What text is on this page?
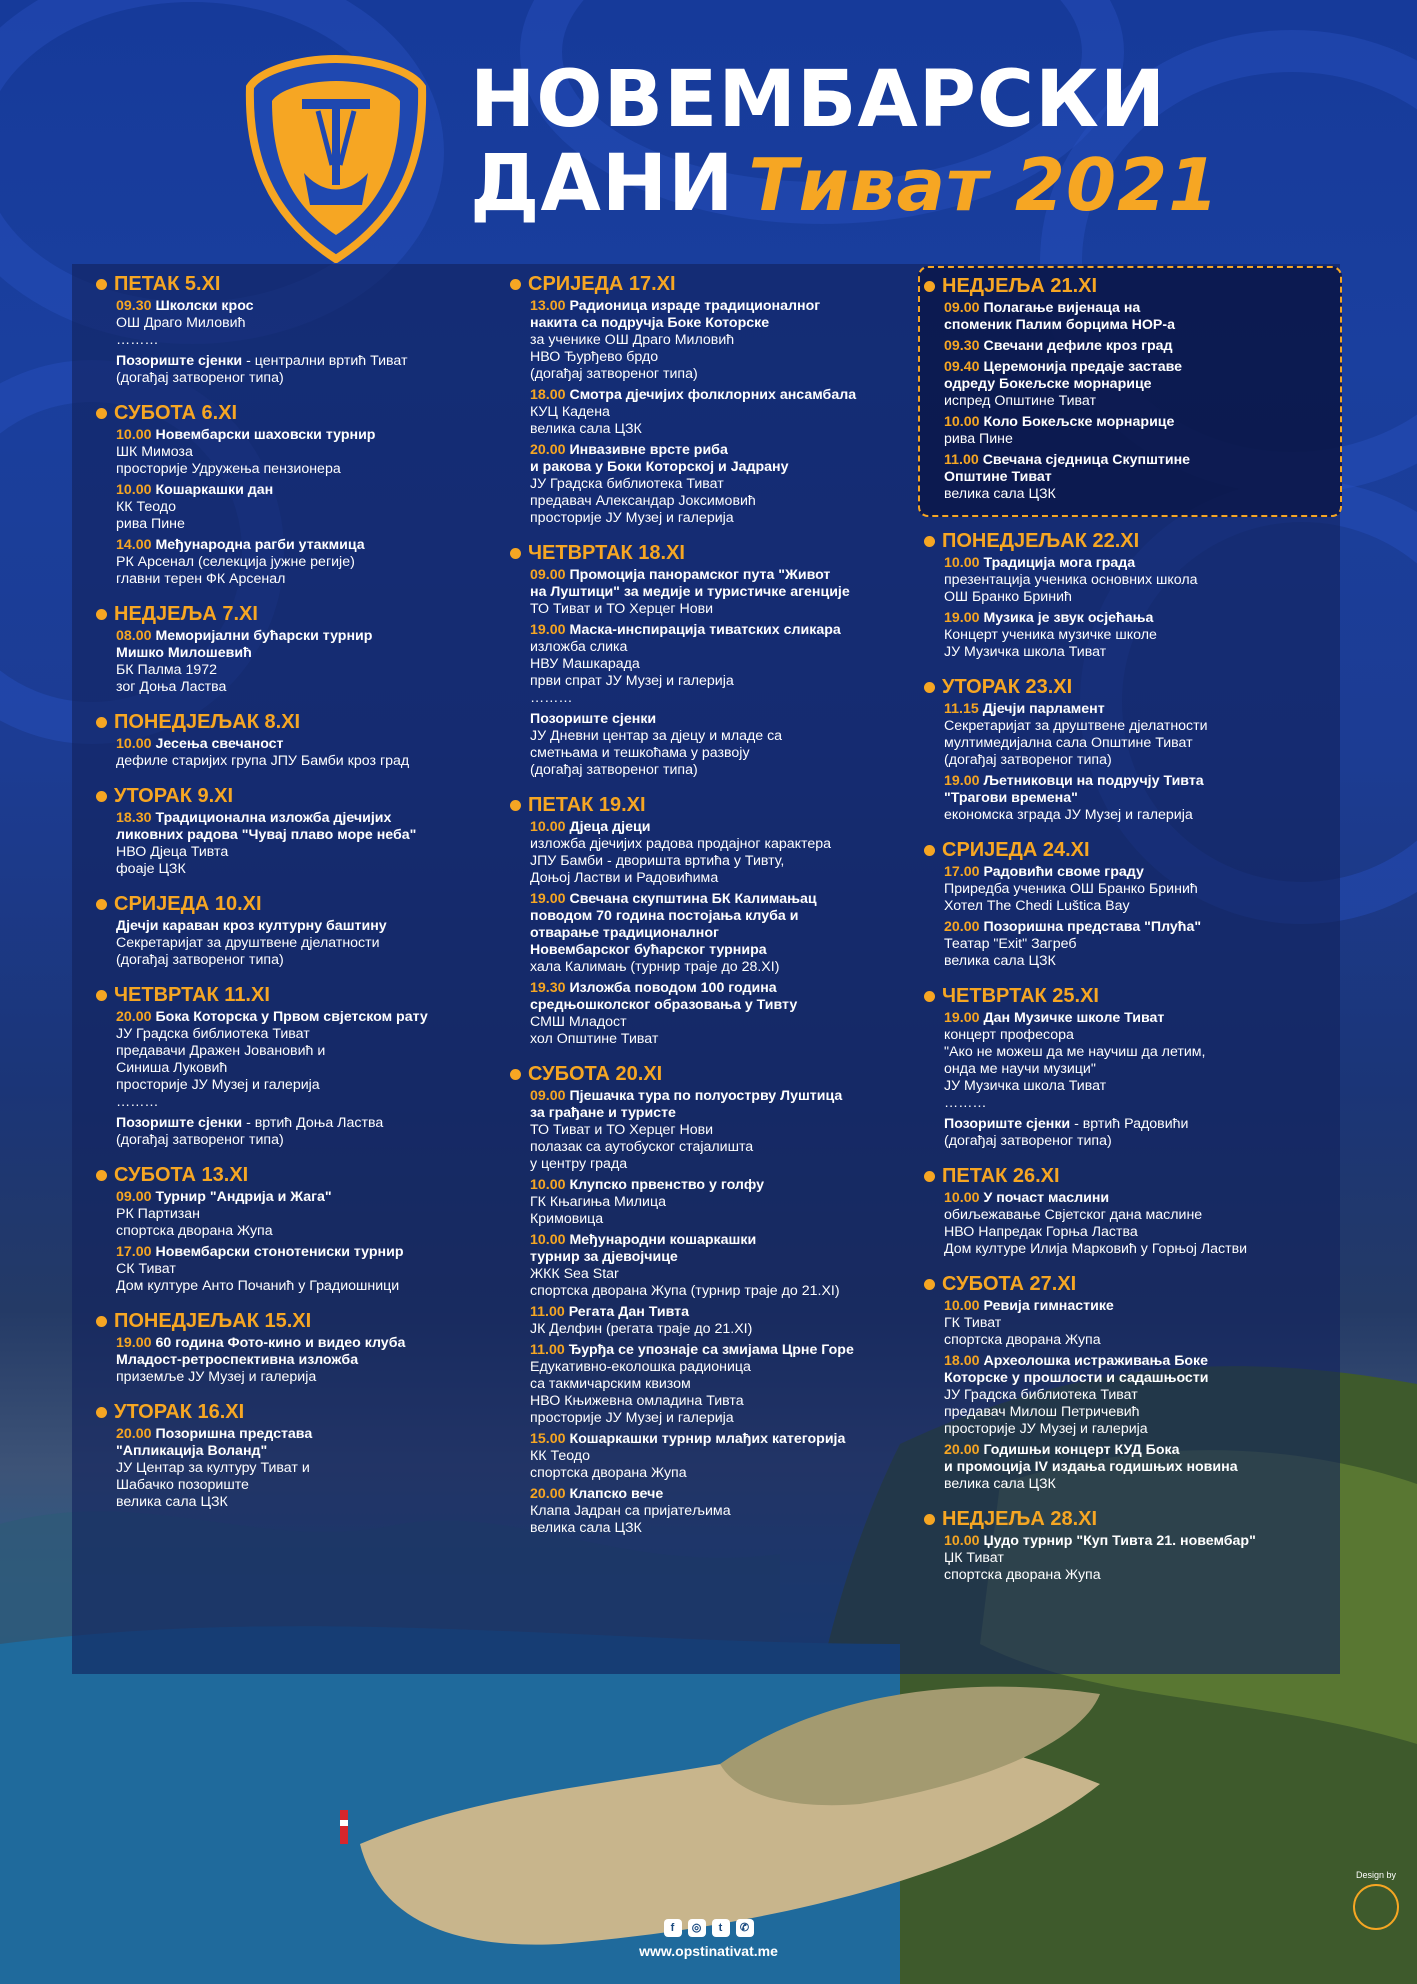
НОВЕМБАРСКИ
ДАНИ Тиват 2021
ПЕТАК 5.XI
09.30 Школски крос
ОШ Драго Миловић
………
Позориште сјенки - централни вртић Тиват
(догађај затвореног типа)
СУБОТА 6.XI
10.00 Новембарски шаховски турнир
ШК Мимоза
просторије Удружења пензионера
10.00 Кошаркашки дан
КК Теодо
рива Пине
14.00 Међународна рагби утакмица
РК Арсенал (селекција јужне регије)
главни терен ФК Арсенал
НЕДЈЕЉА 7.XI
08.00 Меморијални бућарски турнир
Мишко Милошевић
БК Палма 1972
зог Доња Ластва
ПОНЕДЈЕЉАК 8.XI
10.00 Јесења свечаност
дефиле старијих група ЈПУ Бамби кроз град
УТОРАК 9.XI
18.30 Традиционална изложба дјечијих
ликовних радова "Чувај плаво море неба"
НВО Дјеца Тивта
фоаје ЦЗК
СРИЈЕДА 10.XI
Дјечји караван кроз културну баштину
Секретаријат за друштвене дјелатности
(догађај затвореног типа)
ЧЕТВРТАК 11.XI
20.00 Бока Которска у Првом свјетском рату
ЈУ Градска библиотека Тиват
предавачи Дражен Јовановић и
Синиша Луковић
просторије ЈУ Музеј и галерија
………
Позориште сјенки - вртић Доња Ластва
(догађај затвореног типа)
СУБОТА 13.XI
09.00 Турнир "Андрија и Жага"
РК Партизан
спортска дворана Жупа
17.00 Новембарски стонотениски турнир
СК Тиват
Дом културе Анто Почанић у Градиошници
ПОНЕДЈЕЉАК 15.XI
19.00 60 година Фото-кино и видео клуба
Младост-ретроспективна изложба
приземље ЈУ Музеј и галерија
УТОРАК 16.XI
20.00 Позоришна представа
"Апликација Воланд"
ЈУ Центар за културу Тиват и
Шабачко позориште
велика сала ЦЗК
СРИЈЕДА 17.XI
13.00 Радионица израде традиционалног
накита са подручја Боке Которске
за ученике ОШ Драго Миловић
НВО Ђурђево брдо
(догађај затвореног типа)
18.00 Смотра дјечијих фолклорних ансамбала
КУЦ Кадена
велика сала ЦЗК
20.00 Инвазивне врсте риба
и ракова у Боки Которској и Јадрану
ЈУ Градска библиотека Тиват
предавач Александар Јоксимовић
просторије ЈУ Музеј и галерија
ЧЕТВРТАК 18.XI
09.00 Промоција панорамског пута "Живот
на Луштици" за медије и туристичке агенције
ТО Тиват и ТО Херцег Нови
19.00 Маска-инспирација тиватских сликара
изложба слика
НВУ Машкарада
први спрат ЈУ Музеј и галерија
………
Позориште сјенки
ЈУ Дневни центар за дјецу и младе са
сметњама и тешкоћама у развоју
(догађај затвореног типа)
ПЕТАК 19.XI
10.00 Дјеца дјеци
изложба дјечијих радова продајног карактера
ЈПУ Бамби - дворишта вртића у Тивту,
Доњој Ластви и Радовићима
19.00 Свечана скупштина БК Калимањац
поводом 70 година постојања клуба и
отварање традиционалног
Новембарског бућарског турнира
хала Калимањ (турнир траје до 28.XI)
19.30 Изложба поводом 100 година
средњошколског образовања у Тивту
СМШ Младост
хол Општине Тиват
СУБОТА 20.XI
09.00 Пјешачка тура по полуострву Луштица
за грађане и туристе
ТО Тиват и ТО Херцег Нови
полазак са аутобуског стајалишта
у центру града
10.00 Клупско првенство у голфу
ГК Књагиња Милица
Кримовица
10.00 Међународни кошаркашки
турнир за дјевојчице
ЖКК Sea Star
спортска дворана Жупа (турнир траје до 21.XI)
11.00 Регата Дан Тивта
ЈК Делфин (регата траје до 21.XI)
11.00 Ђурђа се упознаје са змијама Црне Горе
Едукативно-еколошка радионица
са такмичарским квизом
НВО Књижевна омладина Тивта
просторије ЈУ Музеј и галерија
15.00 Кошаркашки турнир млађих категорија
КК Теодо
спортска дворана Жупа
20.00 Клапско вече
Клапа Јадран са пријатељима
велика сала ЦЗК
НЕДЈЕЉА 21.XI
09.00 Полагање вијенаца на
споменик Палим борцима НОР-а
09.30 Свечани дефиле кроз град
09.40 Церемонија предаје заставе
одреду Бокељске морнарице
испред Општине Тиват
10.00 Коло Бокељске морнарице
рива Пине
11.00 Свечана сједница Скупштине
Општине Тиват
велика сала ЦЗК
ПОНЕДЈЕЉАК 22.XI
10.00 Традиција мога града
презентација ученика основних школа
ОШ Бранко Бринић
19.00 Музика је звук осјећања
Концерт ученика музичке школе
ЈУ Музичка школа Тиват
УТОРАК 23.XI
11.15 Дјечји парламент
Секретаријат за друштвене дјелатности
мултимедијална сала Општине Тиват
(догађај затвореног типа)
19.00 Љетниковци на подручју Тивта
"Трагови времена"
економска зграда ЈУ Музеј и галерија
СРИЈЕДА 24.XI
17.00 Радовићи своме граду
Приредба ученика ОШ Бранко Бринић
Хотел The Chedi Luštica Bay
20.00 Позоришна представа "Плућа"
Театар "Exit" Загреб
велика сала ЦЗК
ЧЕТВРТАК 25.XI
19.00 Дан Музичке школе Тиват
концерт професора
"Ако не можеш да ме научиш да летим,
онда ме научи музици"
ЈУ Музичка школа Тиват
………
Позориште сјенки - вртић Радовићи
(догађај затвореног типа)
ПЕТАК 26.XI
10.00 У почаст маслини
обиљежавање Свјетског дана маслине
НВО Напредак Горња Ластва
Дом културе Илија Марковић у Горњој Ластви
СУБОТА 27.XI
10.00 Ревија гимнастике
ГК Тиват
спортска дворана Жупа
18.00 Археолошка истраживања Боке
Которске у прошлости и садашњости
ЈУ Градска библиотека Тиват
предавач Милош Петричевић
просторије ЈУ Музеј и галерија
20.00 Годишњи концерт КУД Бока
и промоција IV издања годишњих новина
велика сала ЦЗК
НЕДЈЕЉА 28.XI
10.00 Џудо турнир "Куп Тивта 21. новембар"
ЏК Тиват
спортска дворана Жупа
f ◎ t ✆
www.opstinativat.me
Design by
